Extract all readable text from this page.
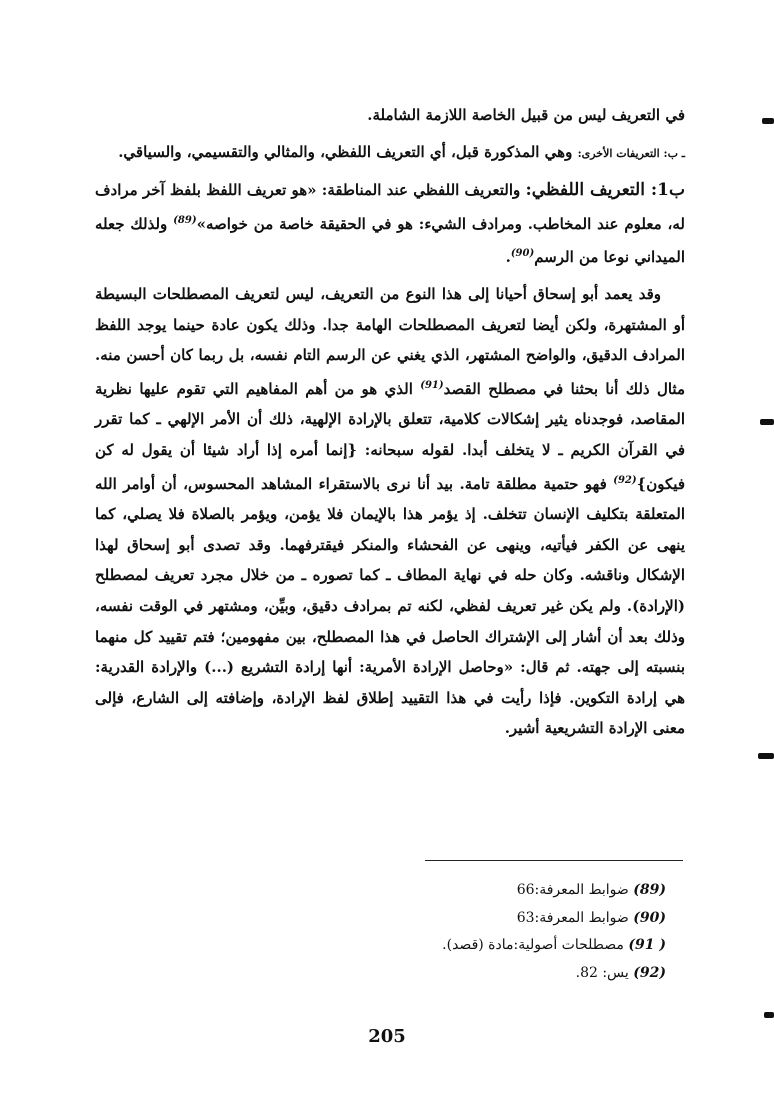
في التعريف ليس من قبيل الخاصة اللازمة الشاملة.

ـ ب: التعريفات الأخرى: وهي المذكورة قبل، أي التعريف اللفظي، والمثالي والتقسيمي، والسياقي.

ب1: التعريف اللفظي: والتعريف اللفظي عند المناطقة: «هو تعريف اللفظ بلفظ آخر مرادف له، معلوم عند المخاطب. ومرادف الشيء: هو في الحقيقة خاصة من خواصه»$^{(89)}$ ولذلك جعله الميداني نوعا من الرسم$^{(90)}$.

وقد يعمد أبو إسحاق أحيانا إلى هذا النوع من التعريف، ليس لتعريف المصطلحات البسيطة أو المشتهرة، ولكن أيضا لتعريف المصطلحات الهامة جدا. وذلك يكون عادة حينما يوجد اللفظ المرادف الدقيق، والواضح المشتهر، الذي يغني عن الرسم التام نفسه، بل ربما كان أحسن منه. مثال ذلك أنا بحثنا في مصطلح القصد$^{(91)}$ الذي هو من أهم المفاهيم التي تقوم عليها نظرية المقاصد، فوجدناه يثير إشكالات كلامية، تتعلق بالإرادة الإلهية، ذلك أن الأمر الإلهي ـ كما تقرر في القرآن الكريم ـ لا يتخلف أبدا. لقوله سبحانه: {إنما أمره إذا أراد شيئا أن يقول له كن فيكون}$^{(92)}$ فهو حتمية مطلقة تامة. بيد أنا نرى بالاستقراء المشاهد المحسوس، أن أوامر الله المتعلقة بتكليف الإنسان تتخلف. إذ يؤمر هذا بالإيمان فلا يؤمن، ويؤمر بالصلاة فلا يصلي، كما ينهى عن الكفر فيأتيه، وينهى عن الفحشاء والمنكر فيقترفهما. وقد تصدى أبو إسحاق لهذا الإشكال وناقشه. وكان حله في نهاية المطاف ـ كما تصوره ـ من خلال مجرد تعريف لمصطلح (الإرادة). ولم يكن غير تعريف لفظي، لكنه تم بمرادف دقيق، وبيِّن، ومشتهر في الوقت نفسه، وذلك بعد أن أشار إلى الإشتراك الحاصل في هذا المصطلح، بين مفهومين؛ فتم تقييد كل منهما بنسبته إلى جهته. ثم قال: «وحاصل الإرادة الأمرية: أنها إرادة التشريع (...) والإرادة القدرية: هي إرادة التكوين. فإذا رأيت في هذا التقييد إطلاق لفظ الإرادة، وإضافته إلى الشارع، فإلى معنى الإرادة التشريعية أشير.

(89) ضوابط المعرفة:66
(90) ضوابط المعرفة:63
( 91) مصطلحات أصولية:مادة (قصد).
(92) يس: 82.
205
